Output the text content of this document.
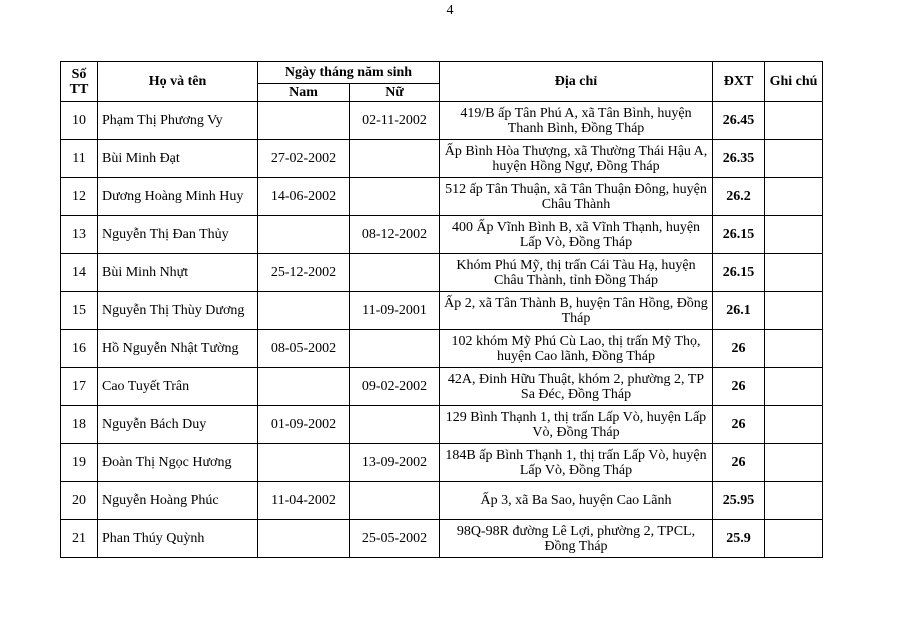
4
Số TT	Họ và tên	Ngày tháng năm sinh		Địa chỉ	ĐXT	Ghi chú
		Nam	Nữ			
10	Phạm Thị Phương Vy		02-11-2002	419/B ấp Tân Phú A, xã Tân Bình, huyện Thanh Bình, Đồng Tháp	26.45	
11	Bùi Minh Đạt	27-02-2002		Ấp Bình Hòa Thượng, xã Thường Thái Hậu A, huyện Hồng Ngự, Đồng Tháp	26.35	
12	Dương Hoàng Minh Huy	14-06-2002		512 ấp Tân Thuận, xã Tân Thuận Đông, huyện Châu Thành	26.2	
13	Nguyễn Thị Đan Thủy		08-12-2002	400 Ấp Vĩnh Bình B, xã Vĩnh Thạnh, huyện Lấp Vò, Đồng Tháp	26.15	
14	Bùi Minh Nhựt	25-12-2002		Khóm Phú Mỹ, thị trấn Cái Tàu Hạ, huyện Châu Thành, tỉnh Đồng Tháp	26.15	
15	Nguyễn Thị Thùy Dương		11-09-2001	Ấp 2, xã Tân Thành B, huyện Tân Hồng, Đồng Tháp	26.1	
16	Hồ Nguyễn Nhật Tường	08-05-2002		102 khóm Mỹ Phú Cù Lao, thị trấn Mỹ Thọ, huyện Cao lãnh, Đồng Tháp	26	
17	Cao Tuyết Trân		09-02-2002	42A, Đinh Hữu Thuật, khóm 2, phường 2, TP Sa Đéc, Đồng Tháp	26	
18	Nguyễn Bách Duy	01-09-2002		129 Bình Thạnh 1, thị trấn Lấp Vò, huyện Lấp Vò, Đồng Tháp	26	
19	Đoàn Thị Ngọc Hương		13-09-2002	184B ấp Bình Thạnh 1, thị trấn Lấp Vò, huyện Lấp Vò, Đồng Tháp	26	
20	Nguyễn Hoàng Phúc	11-04-2002		Ấp 3, xã Ba Sao, huyện Cao Lãnh	25.95	
21	Phan Thúy Quỳnh		25-05-2002	98Q-98R đường Lê Lợi, phường 2, TPCL, Đồng Tháp	25.9	
